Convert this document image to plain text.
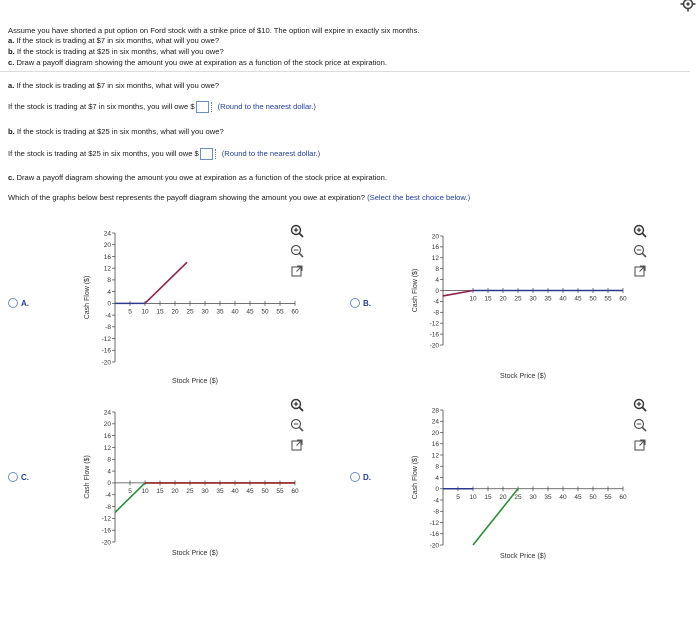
Assume you have shorted a put option on Ford stock with a strike price of $10. The option will expire in exactly six months.

a. If the stock is trading at $7 in six months, what will you owe?

b. If the stock is trading at $25 in six months, what will you owe?

c. Draw a payoff diagram showing the amount you owe at expiration as a function of the stock price at expiration.

a. If the stock is trading at $7 in six months, what will you owe?

If the stock is trading at $7 in six months, you will owe $	(Round to the nearest dollar.)

b. If the stock is trading at $25 in six months, what will you owe?

If the stock is trading at $25 in six months, you will owe $	(Round to the nearest dollar.)

c. Draw a payoff diagram showing the amount you owe at expiration as a function of the stock price at expiration.

Which of the graphs below best represents the payoff diagram showing the amount you owe at expiration? (Select the best choice below.)

A.	B.
C.	D.
24
20
16
12
8
4
0
-4
-8
-12
-16
-20
5 10 15 20 25 30 35 40 45 50 55 60
Stock Price ($)
Cash Flow ($)
20
16
12
8
4
0
-4
-8
-12
-16
-20
10 15 20 25 30 35 40 45 50 55 60
Stock Price ($)
Cash Flow ($)
24
20
16
12
8
4
0
-4
-8
-12
-16
-20
5 10 15 20 25 30 35 40 45 50 55 60
Stock Price ($)
Cash Flow ($)
28
24
20
16
12
8
4
0
-4
-8
-12
-16
-20
5 10 15 20 25 30 35 40 45 50 55 60
Stock Price ($)
Cash Flow ($)
